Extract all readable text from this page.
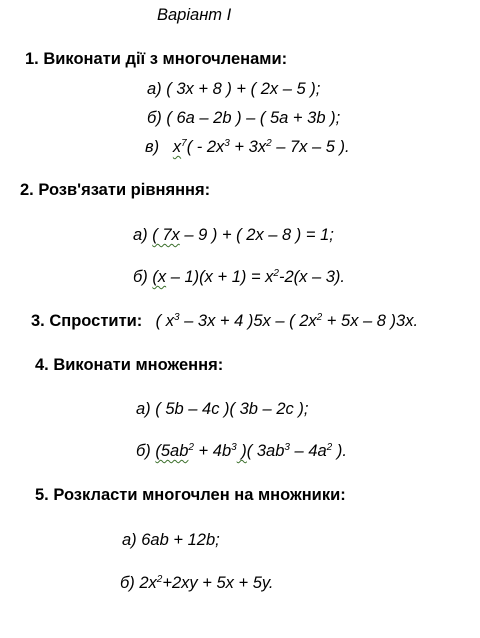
Варіант І
1. Виконати дії з многочленами:
а) ( 3x + 8 ) + ( 2x – 5 );
б) ( 6a – 2b ) – ( 5a + 3b );
в) $x^7( - 2x^3 + 3x^2 - 7x - 5$ ).
2. Розв'язати рівняння:
а) ( 7x – 9 ) + ( 2x – 8 ) = 1;
б) $(x - 1)(x + 1) = x^2-2(x - 3)$.
3. Спростити: ( $x^3 - 3x + 4$ )5x – ( $2x^2 + 5x - 8$ )3x.
4. Виконати множення:
а) ( 5b – 4c )( 3b – 2c );
б) ($5ab^2 + 4b^3$ )( $3ab^3 - 4a^2$ ).
5. Розкласти многочлен на множники:
а) 6ab + 12b;
б) $2x^2+2xy + 5x + 5y$.
